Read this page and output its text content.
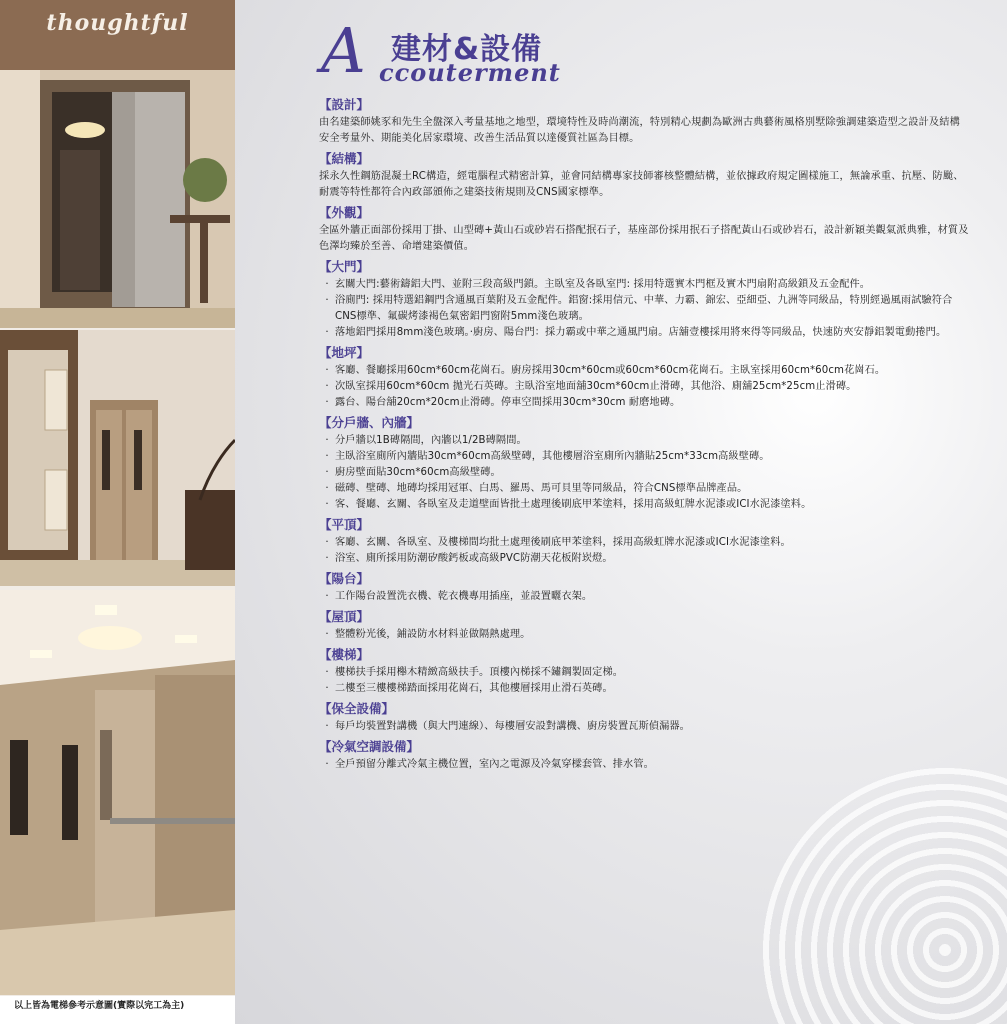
thoughtful
以上皆為電梯參考示意圖(實際以完工為主)
A 建材&設備
ccouterment
【設計】
由名建築師姚豕和先生全盤深入考量基地之地型，環境特性及時尚潮流，特別精心規劃為歐洲古典藝術風格別墅除強調建築造型之設計及結構安全考量外、期能美化居家環境、改善生活品質以達優質社區為目標。
【結構】
採永久性鋼筋混凝土RC構造，經電腦程式精密計算，並會同結構專家技師審核整體結構，並依據政府規定圖樣施工，無論承重、抗壓、防颱、耐震等特性都符合內政部頒佈之建築技術規則及CNS國家標準。
【外觀】
全區外牆正面部份採用丁掛、山型磚+黃山石或砂岩石搭配抿石子，基座部份採用抿石子搭配黃山石或砂岩石，設計新穎美觀氣派典雅，材質及色澤均臻於至善、命增建築價值。
【大門】
‧ 玄關大門:藝術鑄鋁大門、並附三段高級門鎖。主臥室及各臥室門: 採用特選實木門框及實木門扇附高級鎖及五金配件。
‧ 浴廁門: 採用特選鋁鋼門含通風百葉附及五金配件。鋁窗:採用信元、中華、力霸、錦宏、亞細亞、九洲等同級品，特別經過風雨試驗符合CNS標準、氟碳烤漆褐色氣密鋁門窗附5mm淺色玻璃。
‧ 落地鋁門採用8mm淺色玻璃。‧廚房、陽台門：採力霸或中華之通風門扇。店舖壹樓採用將來得等同級品，快速防夾安靜鋁製電動捲門。
【地坪】
‧ 客廳、餐廳採用60cm*60cm花崗石。廚房採用30cm*60cm或60cm*60cm花崗石。主臥室採用60cm*60cm花崗石。
‧ 次臥室採用60cm*60cm 拋光石英磚。主臥浴室地面舖30cm*60cm止滑磚，其他浴、廁舖25cm*25cm止滑磚。
‧ 露台、陽台舖20cm*20cm止滑磚。停車空間採用30cm*30cm 耐磨地磚。
【分戶牆、內牆】
‧ 分戶牆以1B磚隔間，內牆以1/2B磚隔間。
‧ 主臥浴室廁所內牆貼30cm*60cm高級壁磚，其他樓層浴室廁所內牆貼25cm*33cm高級壁磚。
‧ 廚房壁面貼30cm*60cm高級壁磚。
‧ 磁磚、壁磚、地磚均採用冠軍、白馬、羅馬、馬可貝里等同級品，符合CNS標準品牌產品。
‧ 客、餐廳、玄關、各臥室及走道壁面皆批土處理後刷底甲苯塗料，採用高級虹牌水泥漆或ICI水泥漆塗料。
【平頂】
‧ 客廳、玄關、各臥室、及樓梯間均批土處理後刷底甲苯塗料，採用高級虹牌水泥漆或ICI水泥漆塗料。
‧ 浴室、廁所採用防潮矽酸鈣板或高級PVC防潮天花板附崁燈。
【陽台】
‧ 工作陽台設置洗衣機、乾衣機專用插座，並設置曬衣架。
【屋頂】
‧ 整體粉光後，鋪設防水材料並做隔熱處理。
【樓梯】
‧ 樓梯扶手採用櫸木精緻高級扶手。頂樓內梯採不鏽鋼製固定梯。
‧ 二樓至三樓樓梯踏面採用花崗石，其他樓層採用止滑石英磚。
【保全設備】
‧ 每戶均裝置對講機（與大門連線）、每樓層安設對講機、廚房裝置瓦斯偵漏器。
【冷氣空調設備】
‧ 全戶預留分離式冷氣主機位置，室內之電源及冷氣穿樑套管、排水管。
